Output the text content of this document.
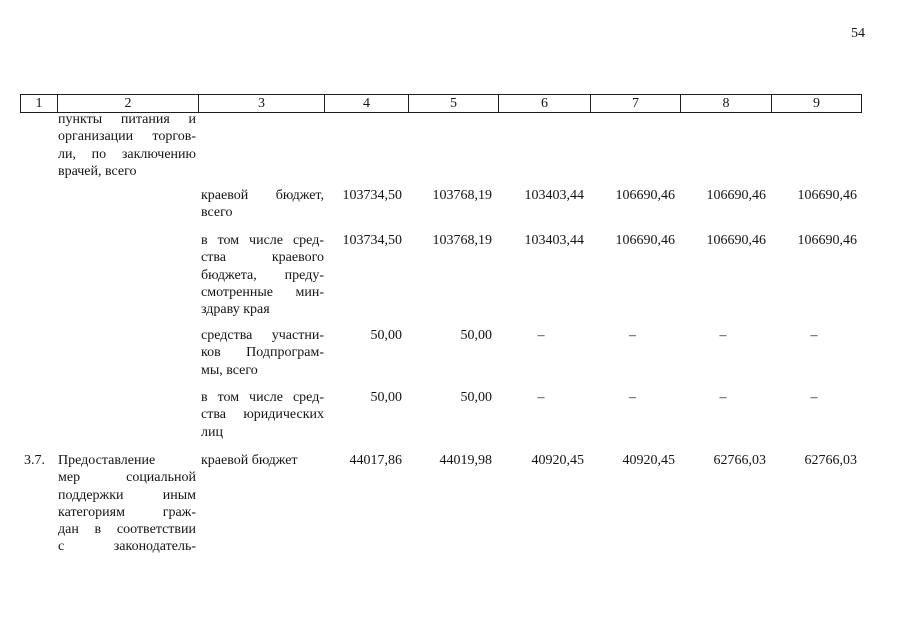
54
1	2	3	4	5	6	7	8	9
пункты питания и
организации торгов-
ли, по заключению
врачей, всего
краевой бюджет,
всего
103734,50	103768,19	103403,44	106690,46	106690,46	106690,46
в том числе сред-
ства краевого
бюджета, преду-
смотренные мин-
здраву края
103734,50	103768,19	103403,44	106690,46	106690,46	106690,46
средства участни-
ков Подпрограм-
мы, всего
50,00	50,00	–	–	–	–
в том числе сред-
ства юридических
лиц
50,00	50,00	–	–	–	–
3.7. Предоставление
мер социальной
поддержки иным
категориям граж-
дан в соответствии
с законодатель-
краевой бюджет	44017,86	44019,98	40920,45	40920,45	62766,03	62766,03
